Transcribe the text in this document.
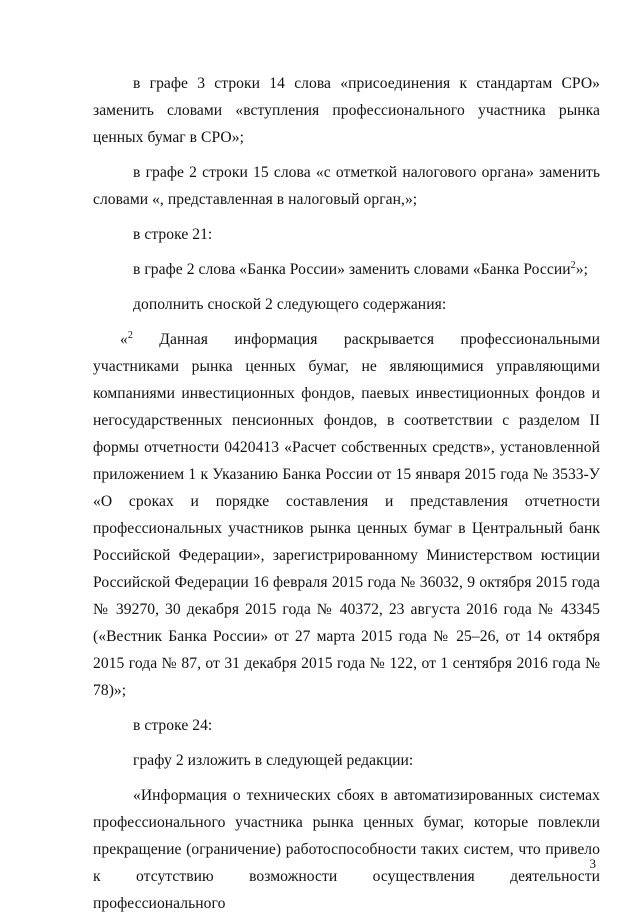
в графе 3 строки 14 слова «присоединения к стандартам СРО» заменить словами «вступления профессионального участника рынка ценных бумаг в СРО»;

в графе 2 строки 15 слова «с отметкой налогового органа» заменить словами «, представленная в налоговый орган,»;

в строке 21:

в графе 2 слова «Банка России» заменить словами «Банка России$^2$»;

дополнить сноской 2 следующего содержания:

«$^2$ Данная информация раскрывается профессиональными участниками рынка ценных бумаг, не являющимися управляющими компаниями инвестиционных фондов, паевых инвестиционных фондов и негосударственных пенсионных фондов, в соответствии с разделом II формы отчетности 0420413 «Расчет собственных средств», установленной приложением 1 к Указанию Банка России от 15 января 2015 года № 3533-У «О сроках и порядке составления и представления отчетности профессиональных участников рынка ценных бумаг в Центральный банк Российской Федерации», зарегистрированному Министерством юстиции Российской Федерации 16 февраля 2015 года № 36032, 9 октября 2015 года № 39270, 30 декабря 2015 года № 40372, 23 августа 2016 года № 43345 («Вестник Банка России» от 27 марта 2015 года № 25–26, от 14 октября 2015 года № 87, от 31 декабря 2015 года № 122, от 1 сентября 2016 года № 78)»;

в строке 24:

графу 2 изложить в следующей редакции:

«Информация о технических сбоях в автоматизированных системах профессионального участника рынка ценных бумаг, которые повлекли прекращение (ограничение) работоспособности таких систем, что привело к отсутствию возможности осуществления деятельности профессионального

3
